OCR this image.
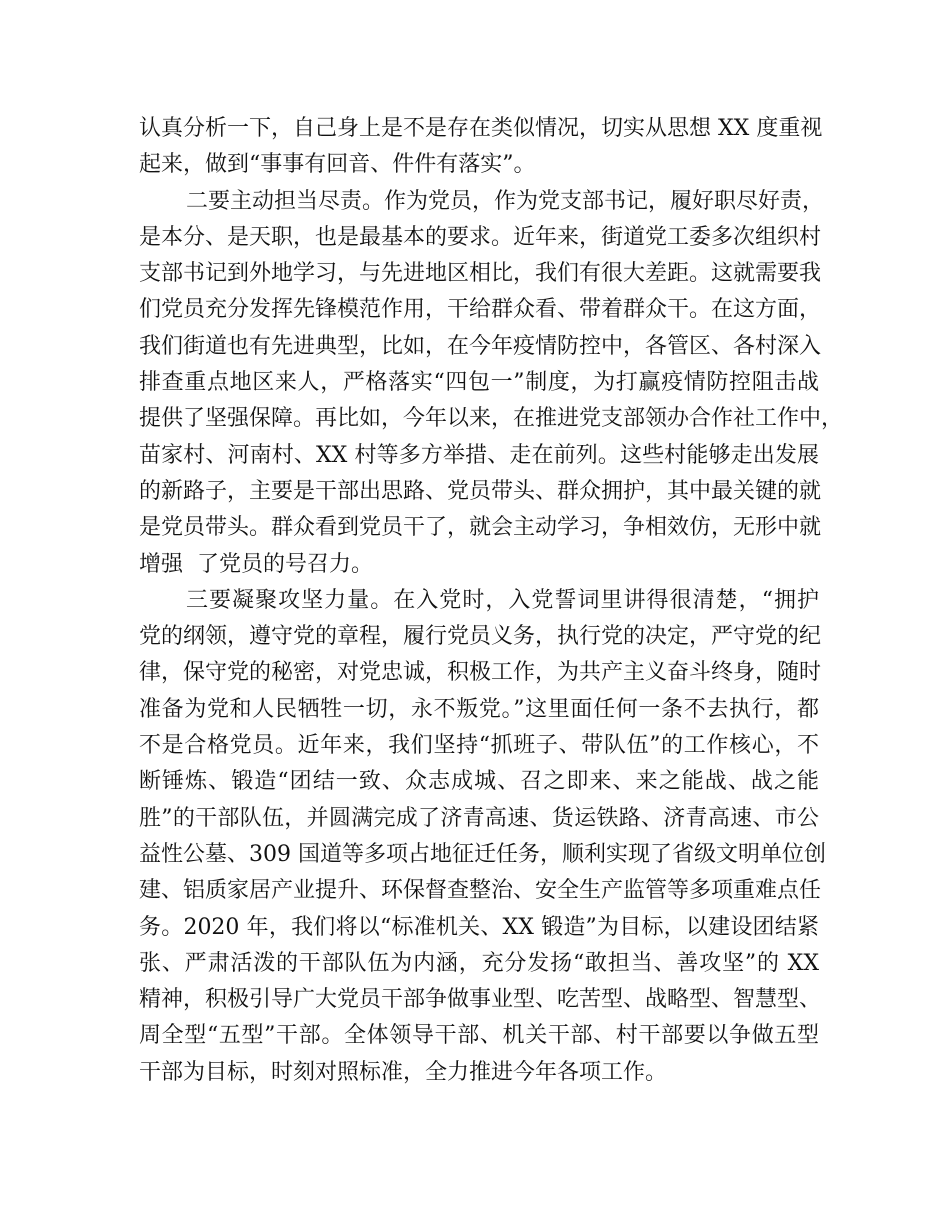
认真分析一下，自己身上是不是存在类似情况，切实从思想 XX 度重视
起来，做到“事事有回音、件件有落实”。
二要主动担当尽责。作为党员，作为党支部书记，履好职尽好责，
是本分、是天职，也是最基本的要求。近年来，街道党工委多次组织村
支部书记到外地学习，与先进地区相比，我们有很大差距。这就需要我
们党员充分发挥先锋模范作用，干给群众看、带着群众干。在这方面，
我们街道也有先进典型，比如，在今年疫情防控中，各管区、各村深入
排查重点地区来人，严格落实“四包一”制度，为打赢疫情防控阻击战
提供了坚强保障。再比如，今年以来，在推进党支部领办合作社工作中，
苗家村、河南村、XX 村等多方举措、走在前列。这些村能够走出发展
的新路子，主要是干部出思路、党员带头、群众拥护，其中最关键的就
是党员带头。群众看到党员干了，就会主动学习，争相效仿，无形中就
增强  了党员的号召力。
三要凝聚攻坚力量。在入党时，入党誓词里讲得很清楚，“拥护
党的纲领，遵守党的章程，履行党员义务，执行党的决定，严守党的纪
律，保守党的秘密，对党忠诚，积极工作，为共产主义奋斗终身，随时
准备为党和人民牺牲一切，永不叛党。”这里面任何一条不去执行，都
不是合格党员。近年来，我们坚持“抓班子、带队伍”的工作核心，不
断锤炼、锻造“团结一致、众志成城、召之即来、来之能战、战之能
胜”的干部队伍，并圆满完成了济青高速、货运铁路、济青高速、市公
益性公墓、309 国道等多项占地征迁任务，顺利实现了省级文明单位创
建、铝质家居产业提升、环保督查整治、安全生产监管等多项重难点任
务。2020 年，我们将以“标准机关、XX 锻造”为目标，以建设团结紧
张、严肃活泼的干部队伍为内涵，充分发扬“敢担当、善攻坚”的 XX
精神，积极引导广大党员干部争做事业型、吃苦型、战略型、智慧型、
周全型“五型”干部。全体领导干部、机关干部、村干部要以争做五型
干部为目标，时刻对照标准，全力推进今年各项工作。
